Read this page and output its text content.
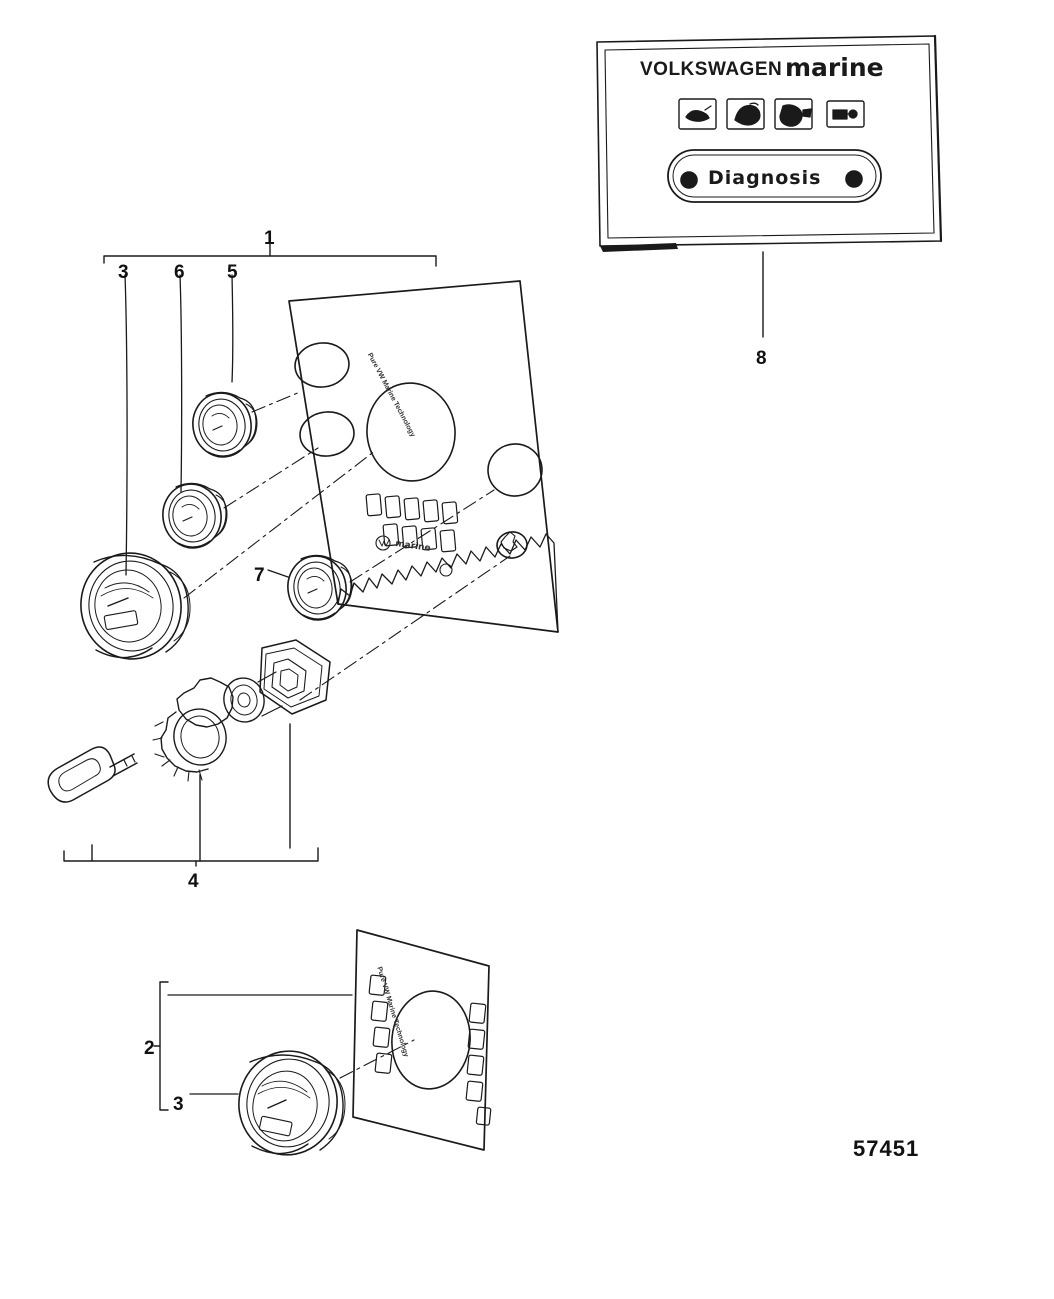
VOLKSWAGEN marine
Diagnosis
Pure VW Marine Technology
marine
Pure VW Marine Technology
1
3 6 5
7
4
8
2
3
57451
